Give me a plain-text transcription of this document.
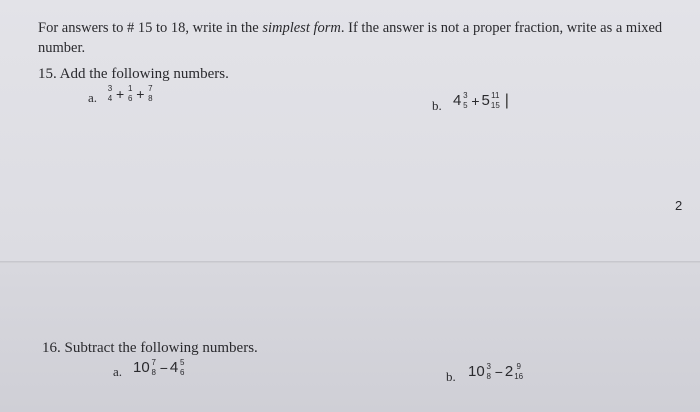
For answers to # 15 to 18, write in the simplest form. If the answer is not a proper fraction, write as a mixed number.
15. Add the following numbers.
a.
3
4 + 1
6 + 7
8	b. 4 3
5 + 5 11
15 |
2
16. Subtract the following numbers.
a. 10 7
8 − 4 5
6	b. 10 3
8 − 2 9
16
